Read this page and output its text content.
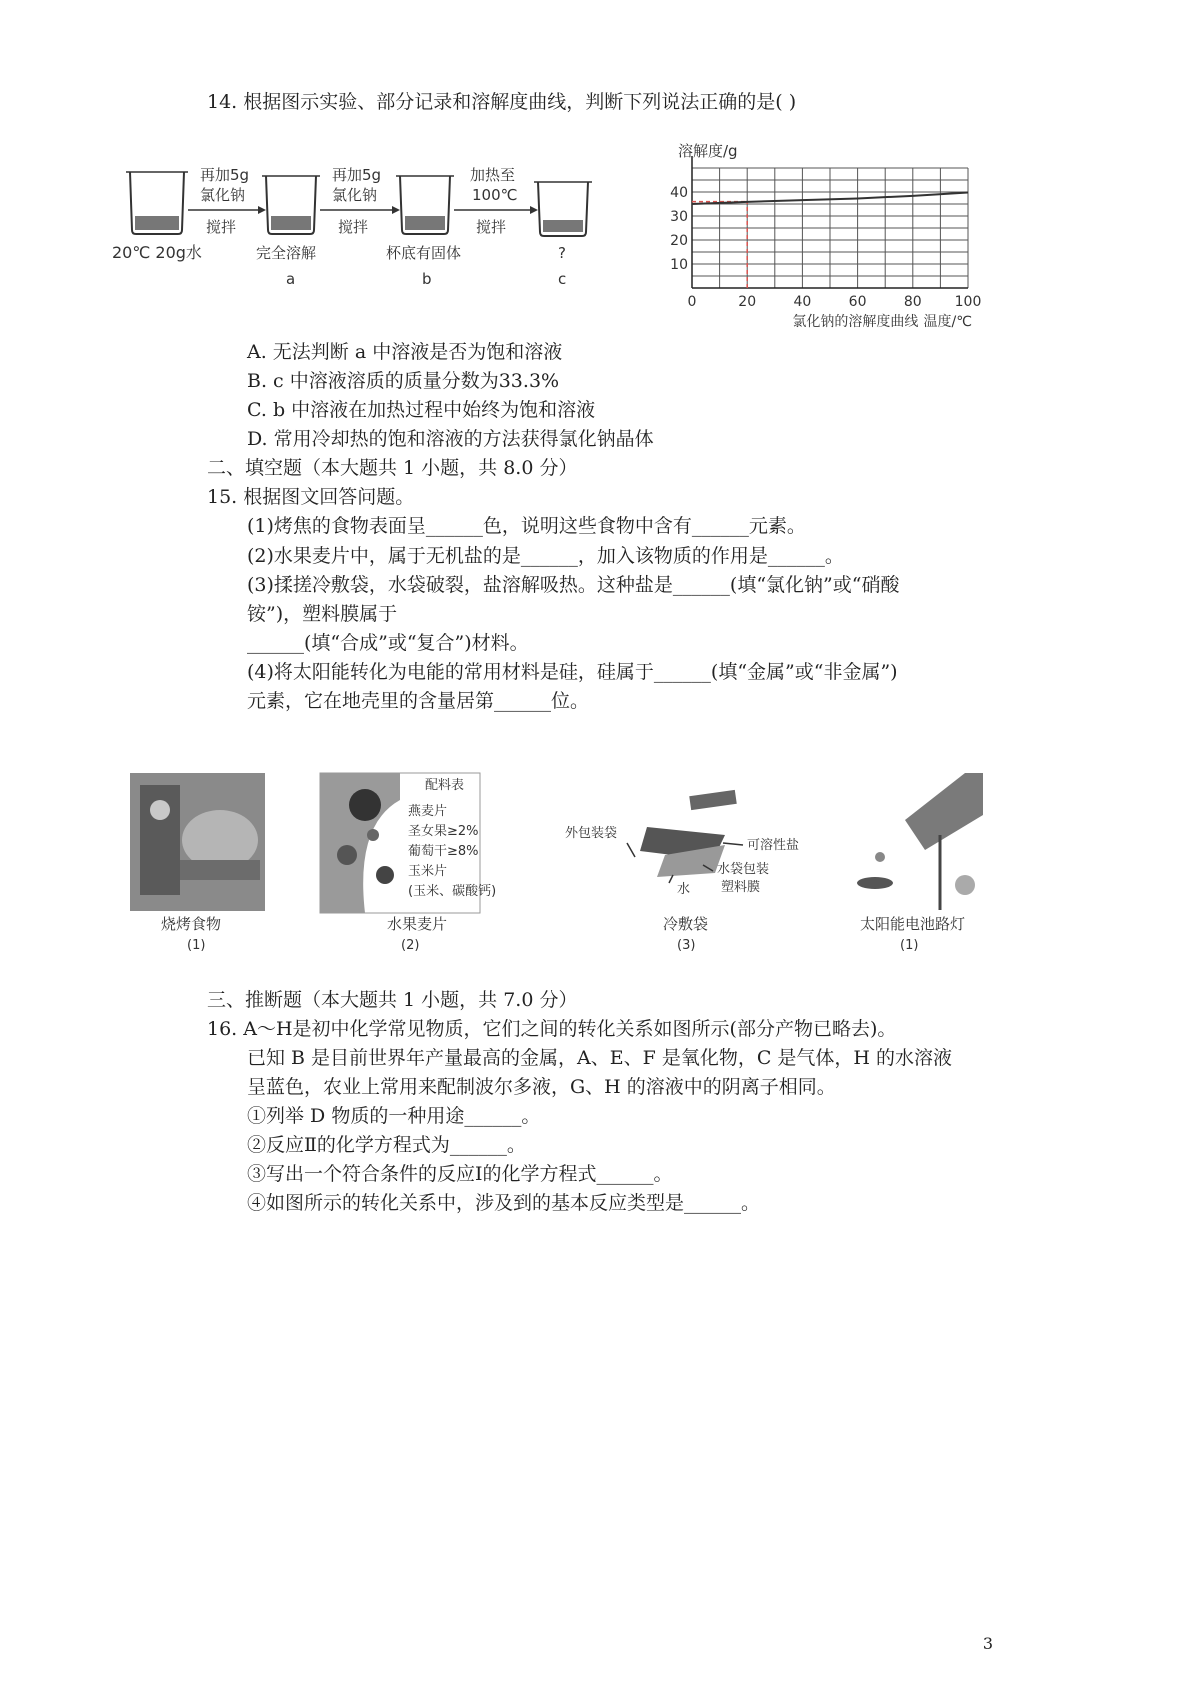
14. 根据图示实验、部分记录和溶解度曲线，判断下列说法正确的是( )
再加5g
氯化钠
搅拌
再加5g
氯化钠
搅拌
加热至
100℃
搅拌
20℃ 20g水	完全溶解
a
杯底有固体
b
?
c
0	20	40	60	80 100
10
20
30
40
溶解度/g
温度/℃
氯化钠的溶解度曲线
A. 无法判断 a 中溶液是否为饱和溶液
B. c 中溶液溶质的质量分数为33.3%
C. b 中溶液在加热过程中始终为饱和溶液
D. 常用冷却热的饱和溶液的方法获得氯化钠晶体
二、填空题（本大题共 1 小题，共 8.0 分）
15. 根据图文回答问题。
(1)烤焦的食物表面呈______色，说明这些食物中含有______元素。
(2)水果麦片中，属于无机盐的是______，加入该物质的作用是______。
(3)揉搓冷敷袋，水袋破裂，盐溶解吸热。这种盐是______(填“氯化钠”或“硝酸
铵”)，塑料膜属于
______(填“合成”或“复合”)材料。
(4)将太阳能转化为电能的常用材料是硅，硅属于______(填“金属”或“非金属”)
元素，它在地壳里的含量居第______位。
烧烤食物
(1)
配料表
燕麦片
圣女果≥2%
葡萄干≥8%
玉米片
(玉米、碳酸钙)
水果麦片
(2)
外包装袋
可溶性盐
水
水袋包装
塑料膜
冷敷袋
(3)
太阳能电池路灯
(1)
三、推断题（本大题共 1 小题，共 7.0 分）
16. A～H是初中化学常见物质，它们之间的转化关系如图所示(部分产物已略去)。
已知 B 是目前世界年产量最高的金属，A、E、F 是氧化物，C 是气体，H 的水溶液
呈蓝色，农业上常用来配制波尔多液，G、H 的溶液中的阴离子相同。
①列举 D 物质的一种用途______。
②反应Ⅱ的化学方程式为______。
③写出一个符合条件的反应Ⅰ的化学方程式______。
④如图所示的转化关系中，涉及到的基本反应类型是______。
3
